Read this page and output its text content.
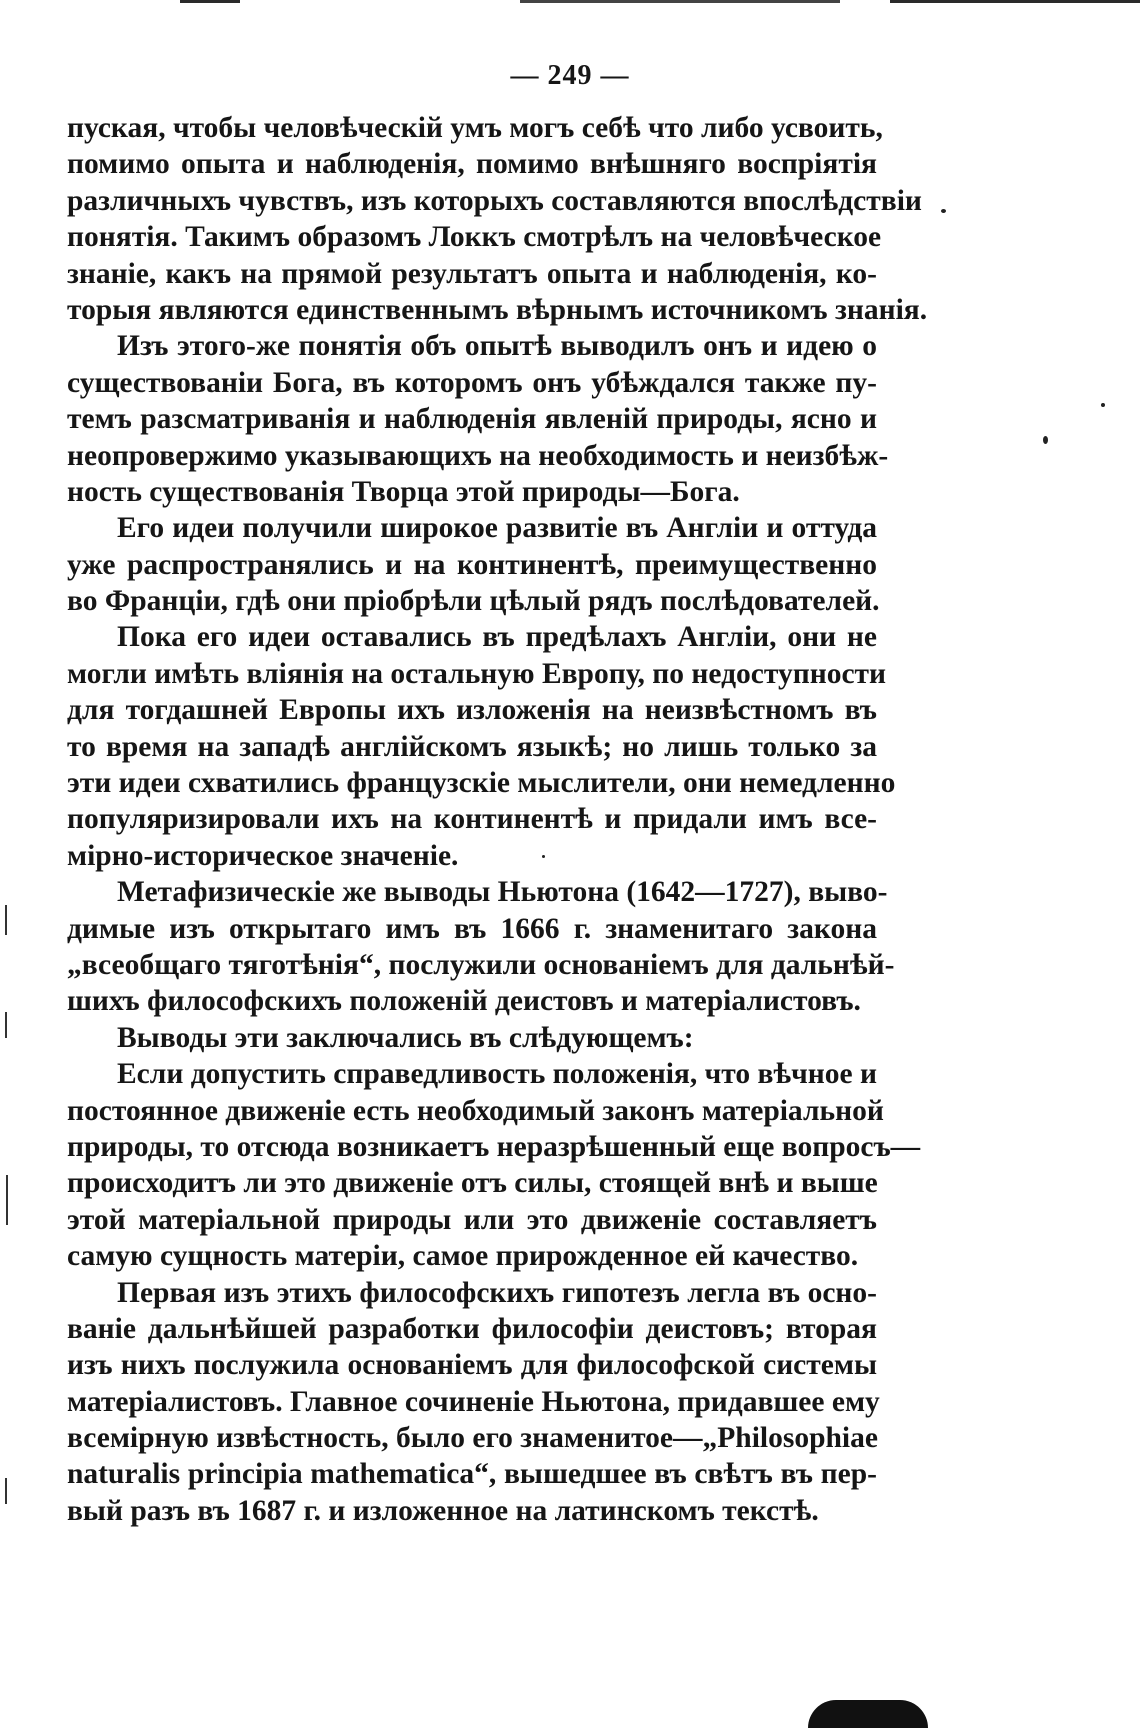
— 249 —
пуская, чтобы человѣческій умъ могъ себѣ что либо усвоить,
помимо опыта и наблюденія, помимо внѣшняго воспріятія
различныхъ чувствъ, изъ которыхъ составляются впослѣдствіи
понятія. Такимъ образомъ Локкъ смотрѣлъ на человѣческое
знаніе, какъ на прямой результатъ опыта и наблюденія, ко-
торыя являются единственнымъ вѣрнымъ источникомъ знанія.
Изъ этого-же понятія объ опытѣ выводилъ онъ и идею о
существованіи Бога, въ которомъ онъ убѣждался также пу-
темъ разсматриванія и наблюденія явленій природы, ясно и
неопровержимо указывающихъ на необходимость и неизбѣж-
ность существованія Творца этой природы—Бога.
Его идеи получили широкое развитіе въ Англіи и оттуда
уже распространялись и на континентѣ, преимущественно
во Франціи, гдѣ они пріобрѣли цѣлый рядъ послѣдователей.
Пока его идеи оставались въ предѣлахъ Англіи, они не
могли имѣть вліянія на остальную Европу, по недоступности
для тогдашней Европы ихъ изложенія на неизвѣстномъ въ
то время на западѣ англійскомъ языкѣ; но лишь только за
эти идеи схватились французскіе мыслители, они немедленно
популяризировали ихъ на континентѣ и придали имъ все-
мірно-историческое значеніе.
Метафизическіе же выводы Ньютона (1642—1727), выво-
димые изъ открытаго имъ въ 1666 г. знаменитаго закона
„всеобщаго тяготѣнія“, послужили основаніемъ для дальнѣй-
шихъ философскихъ положеній деистовъ и матеріалистовъ.
Выводы эти заключались въ слѣдующемъ:
Если допустить справедливость положенія, что вѣчное и
постоянное движеніе есть необходимый законъ матеріальной
природы, то отсюда возникаетъ неразрѣшенный еще вопросъ—
происходитъ ли это движеніе отъ силы, стоящей внѣ и выше
этой матеріальной природы или это движеніе составляетъ
самую сущность матеріи, самое прирожденное ей качество.
Первая изъ этихъ философскихъ гипотезъ легла въ осно-
ваніе дальнѣйшей разработки философіи деистовъ; вторая
изъ нихъ послужила основаніемъ для философской системы
матеріалистовъ. Главное сочиненіе Ньютона, придавшее ему
всемірную извѣстность, было его знаменитое—„Philosophiae
naturalis principia mathematica“, вышедшее въ свѣтъ въ пер-
вый разъ въ 1687 г. и изложенное на латинскомъ текстѣ.
